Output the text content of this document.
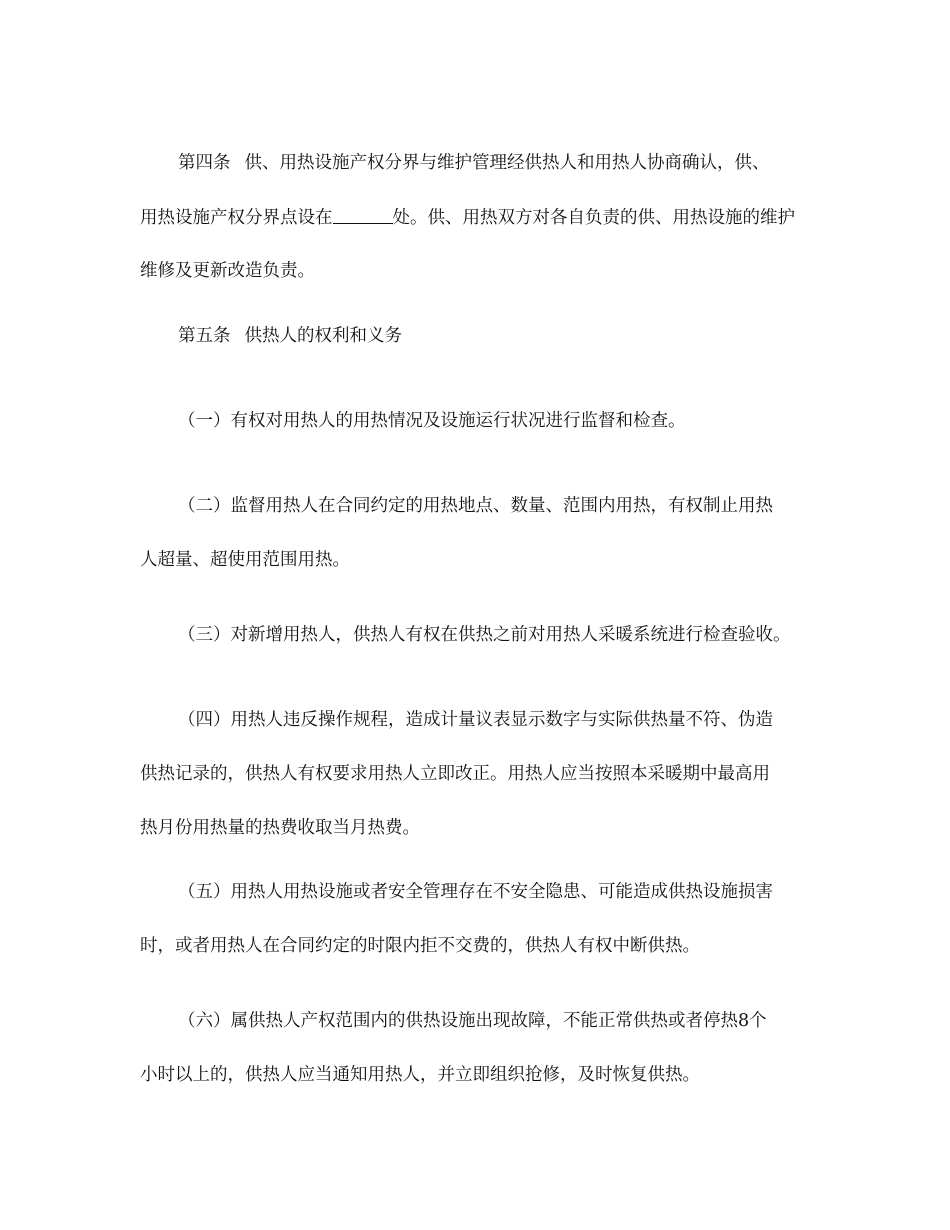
第四条 供、用热设施产权分界与维护管理经供热人和用热人协商确认，供、
用热设施产权分界点设在	处。供、用热双方对各自负责的供、用热设施的维护
维修及更新改造负责。
第五条 供热人的权利和义务
（一）有权对用热人的用热情况及设施运行状况进行监督和检查。
（二）监督用热人在合同约定的用热地点、数量、范围内用热，有权制止用热
人超量、超使用范围用热。
（三）对新增用热人，供热人有权在供热之前对用热人采暖系统进行检查验收。
（四）用热人违反操作规程，造成计量议表显示数字与实际供热量不符、伪造
供热记录的，供热人有权要求用热人立即改正。用热人应当按照本采暖期中最高用
热月份用热量的热费收取当月热费。
（五）用热人用热设施或者安全管理存在不安全隐患、可能造成供热设施损害
时，或者用热人在合同约定的时限内拒不交费的，供热人有权中断供热。
（六）属供热人产权范围内的供热设施出现故障，不能正常供热或者停热8个
小时以上的，供热人应当通知用热人，并立即组织抢修，及时恢复供热。
